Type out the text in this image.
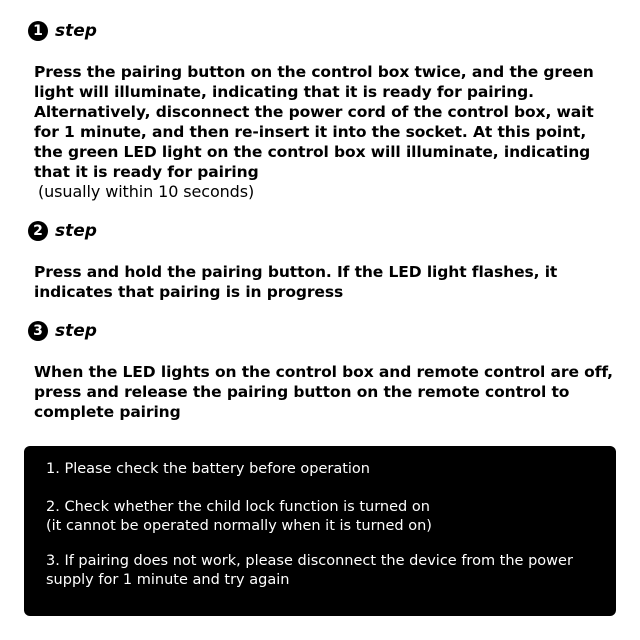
1 step
Press the pairing button on the control box twice, and the green light will illuminate, indicating that it is ready for pairing. Alternatively, disconnect the power cord of the control box, wait for 1 minute, and then re-insert it into the socket. At this point, the green LED light on the control box will illuminate, indicating that it is ready for pairing
(usually within 10 seconds)
2 step
Press and hold the pairing button. If the LED light flashes, it indicates that pairing is in progress
3 step
When the LED lights on the control box and remote control are off, press and release the pairing button on the remote control to complete pairing
1. Please check the battery before operation
2. Check whether the child lock function is turned on
(it cannot be operated normally when it is turned on)
3. If pairing does not work, please disconnect the device from the power supply for 1 minute and try again
